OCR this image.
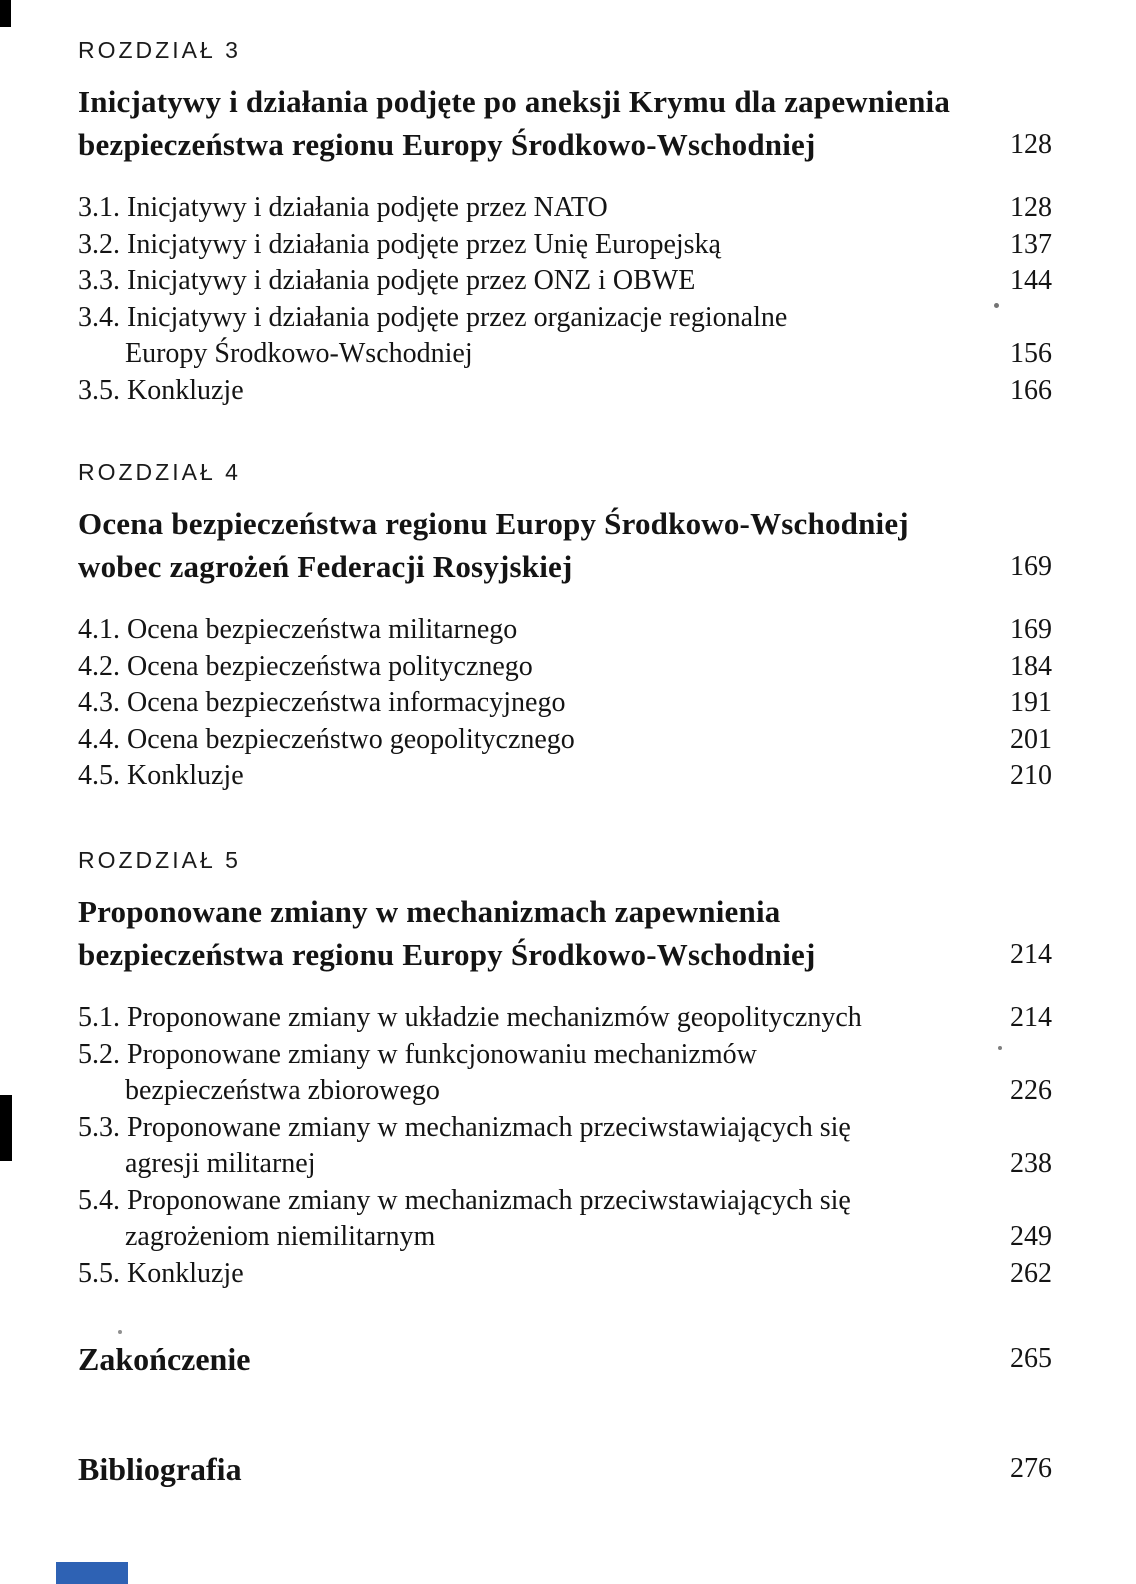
ROZDZIAŁ 3
Inicjatywy i działania podjęte po aneksji Krymu dla zapewnienia
bezpieczeństwa regionu Europy Środkowo-Wschodniej	128
3.1. Inicjatywy i działania podjęte przez NATO	128
3.2. Inicjatywy i działania podjęte przez Unię Europejską	137
3.3. Inicjatywy i działania podjęte przez ONZ i OBWE	144
3.4. Inicjatywy i działania podjęte przez organizacje regionalne
Europy Środkowo-Wschodniej	156
3.5. Konkluzje	166
ROZDZIAŁ 4
Ocena bezpieczeństwa regionu Europy Środkowo-Wschodniej
wobec zagrożeń Federacji Rosyjskiej	169
4.1. Ocena bezpieczeństwa militarnego	169
4.2. Ocena bezpieczeństwa politycznego	184
4.3. Ocena bezpieczeństwa informacyjnego	191
4.4. Ocena bezpieczeństwo geopolitycznego	201
4.5. Konkluzje	210
ROZDZIAŁ 5
Proponowane zmiany w mechanizmach zapewnienia
bezpieczeństwa regionu Europy Środkowo-Wschodniej	214
5.1. Proponowane zmiany w układzie mechanizmów geopolitycznych	214
5.2. Proponowane zmiany w funkcjonowaniu mechanizmów
bezpieczeństwa zbiorowego	226
5.3. Proponowane zmiany w mechanizmach przeciwstawiających się
agresji militarnej	238
5.4. Proponowane zmiany w mechanizmach przeciwstawiających się
zagrożeniom niemilitarnym	249
5.5. Konkluzje	262
Zakończenie	265
Bibliografia	276
